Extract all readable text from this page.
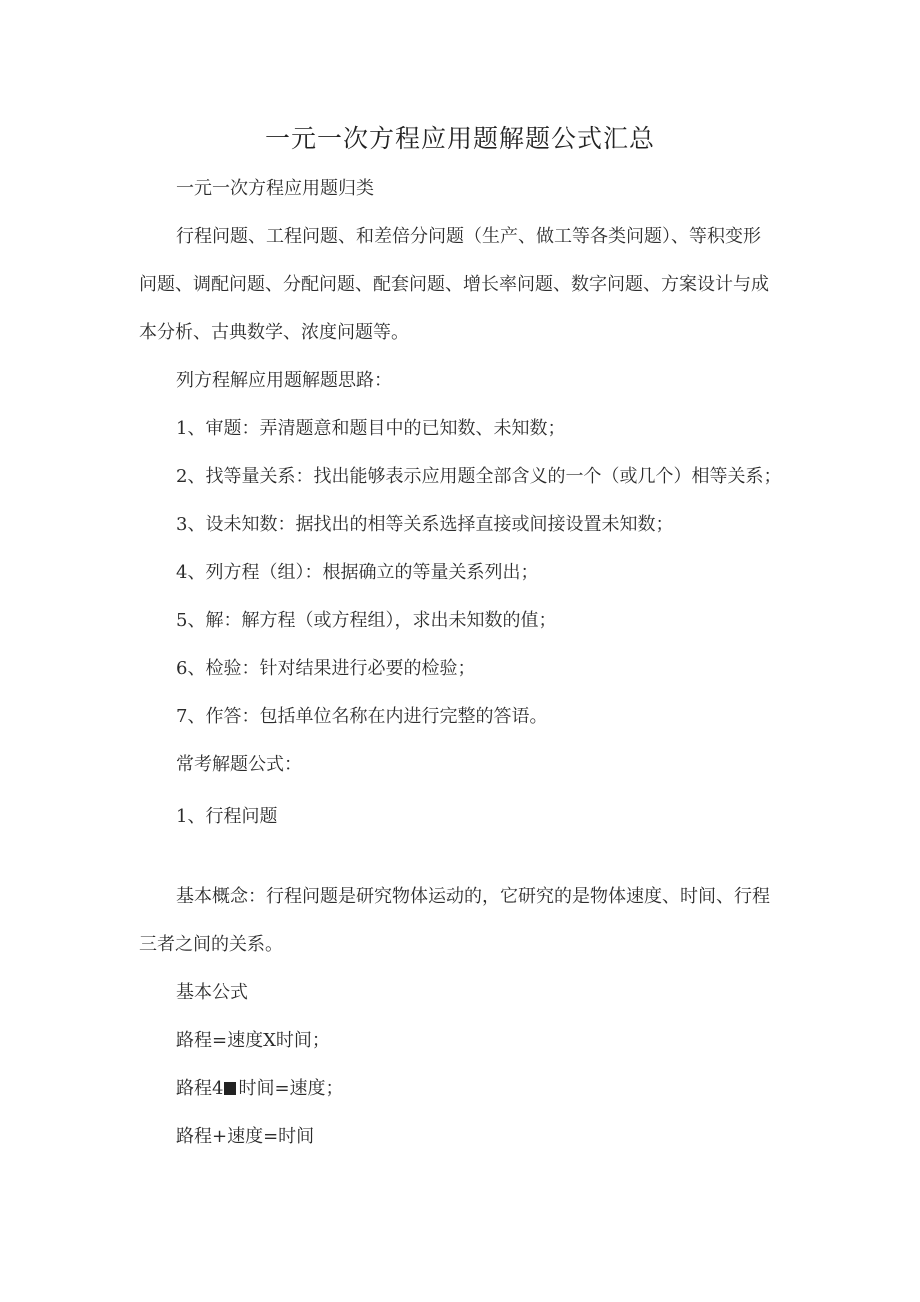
一元一次方程应用题解题公式汇总
一元一次方程应用题归类
行程问题、工程问题、和差倍分问题（生产、做工等各类问题）、等积变形
问题、调配问题、分配问题、配套问题、增长率问题、数字问题、方案设计与成
本分析、古典数学、浓度问题等。
列方程解应用题解题思路：
1、审题：弄清题意和题目中的已知数、未知数；
2、找等量关系：找出能够表示应用题全部含义的一个（或几个）相等关系；
3、设未知数：据找出的相等关系选择直接或间接设置未知数；
4、列方程（组）：根据确立的等量关系列出；
5、解：解方程（或方程组），求出未知数的值；
6、检验：针对结果进行必要的检验；
7、作答：包括单位名称在内进行完整的答语。
常考解题公式：
1、行程问题
基本概念：行程问题是研究物体运动的，它研究的是物体速度、时间、行程
三者之间的关系。
基本公式
路程=速度X时间；
路程4 时间=速度；
路程+速度=时间
